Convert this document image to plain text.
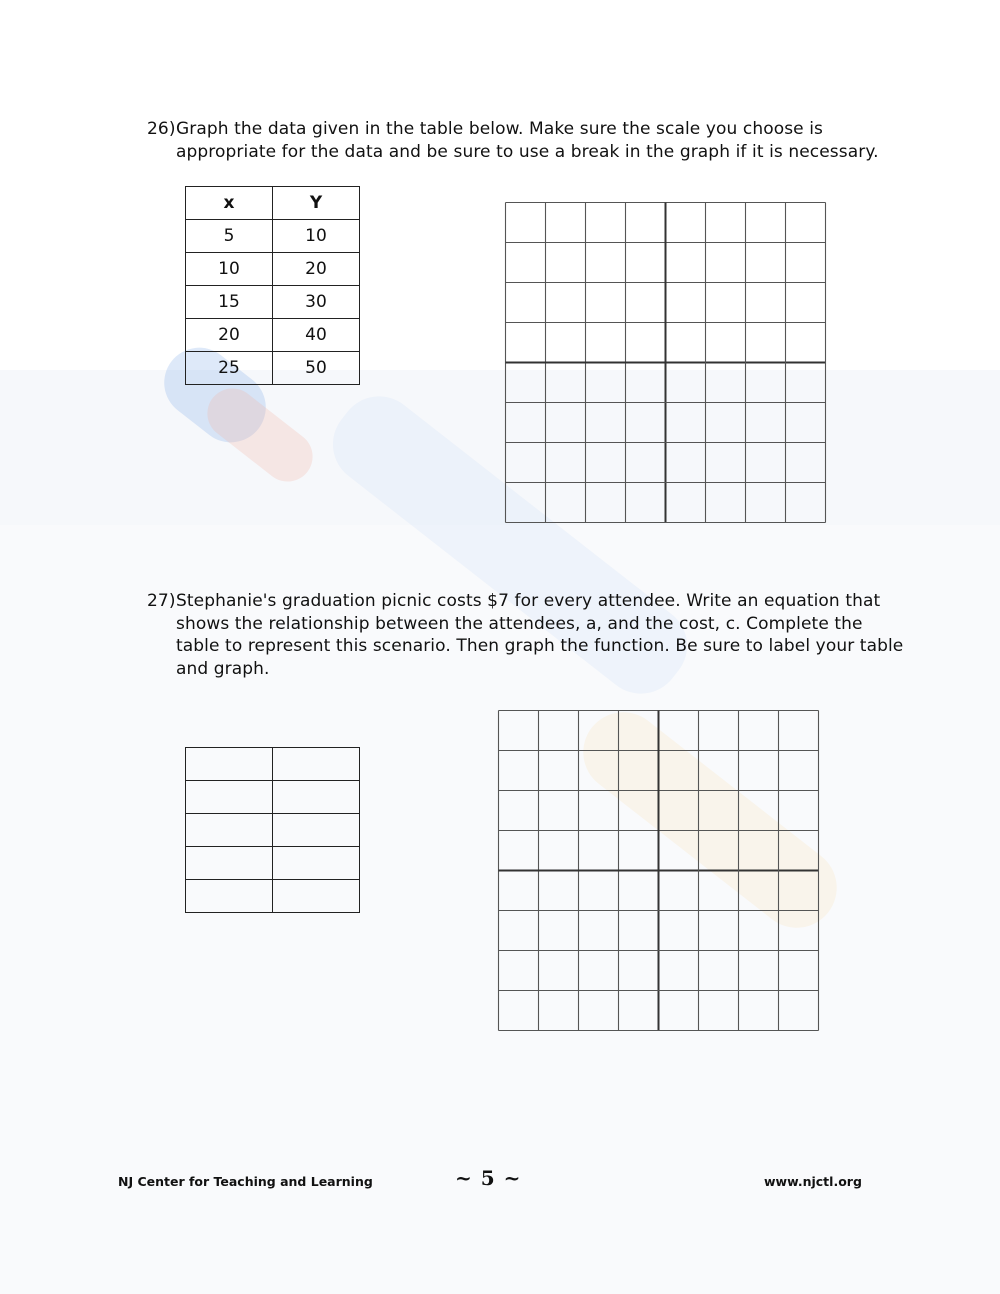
26) Graph the data given in the table below. Make sure the scale you choose is appropriate for the data and be sure to use a break in the graph if it is necessary.
x	Y
5	10
10	20
15	30
20	40
25	50
27) Stephanie's graduation picnic costs $7 for every attendee. Write an equation that shows the relationship between the attendees, a, and the cost, c. Complete the table to represent this scenario. Then graph the function. Be sure to label your table and graph.

NJ Center for Teaching and Learning	~ 5 ~	www.njctl.org
